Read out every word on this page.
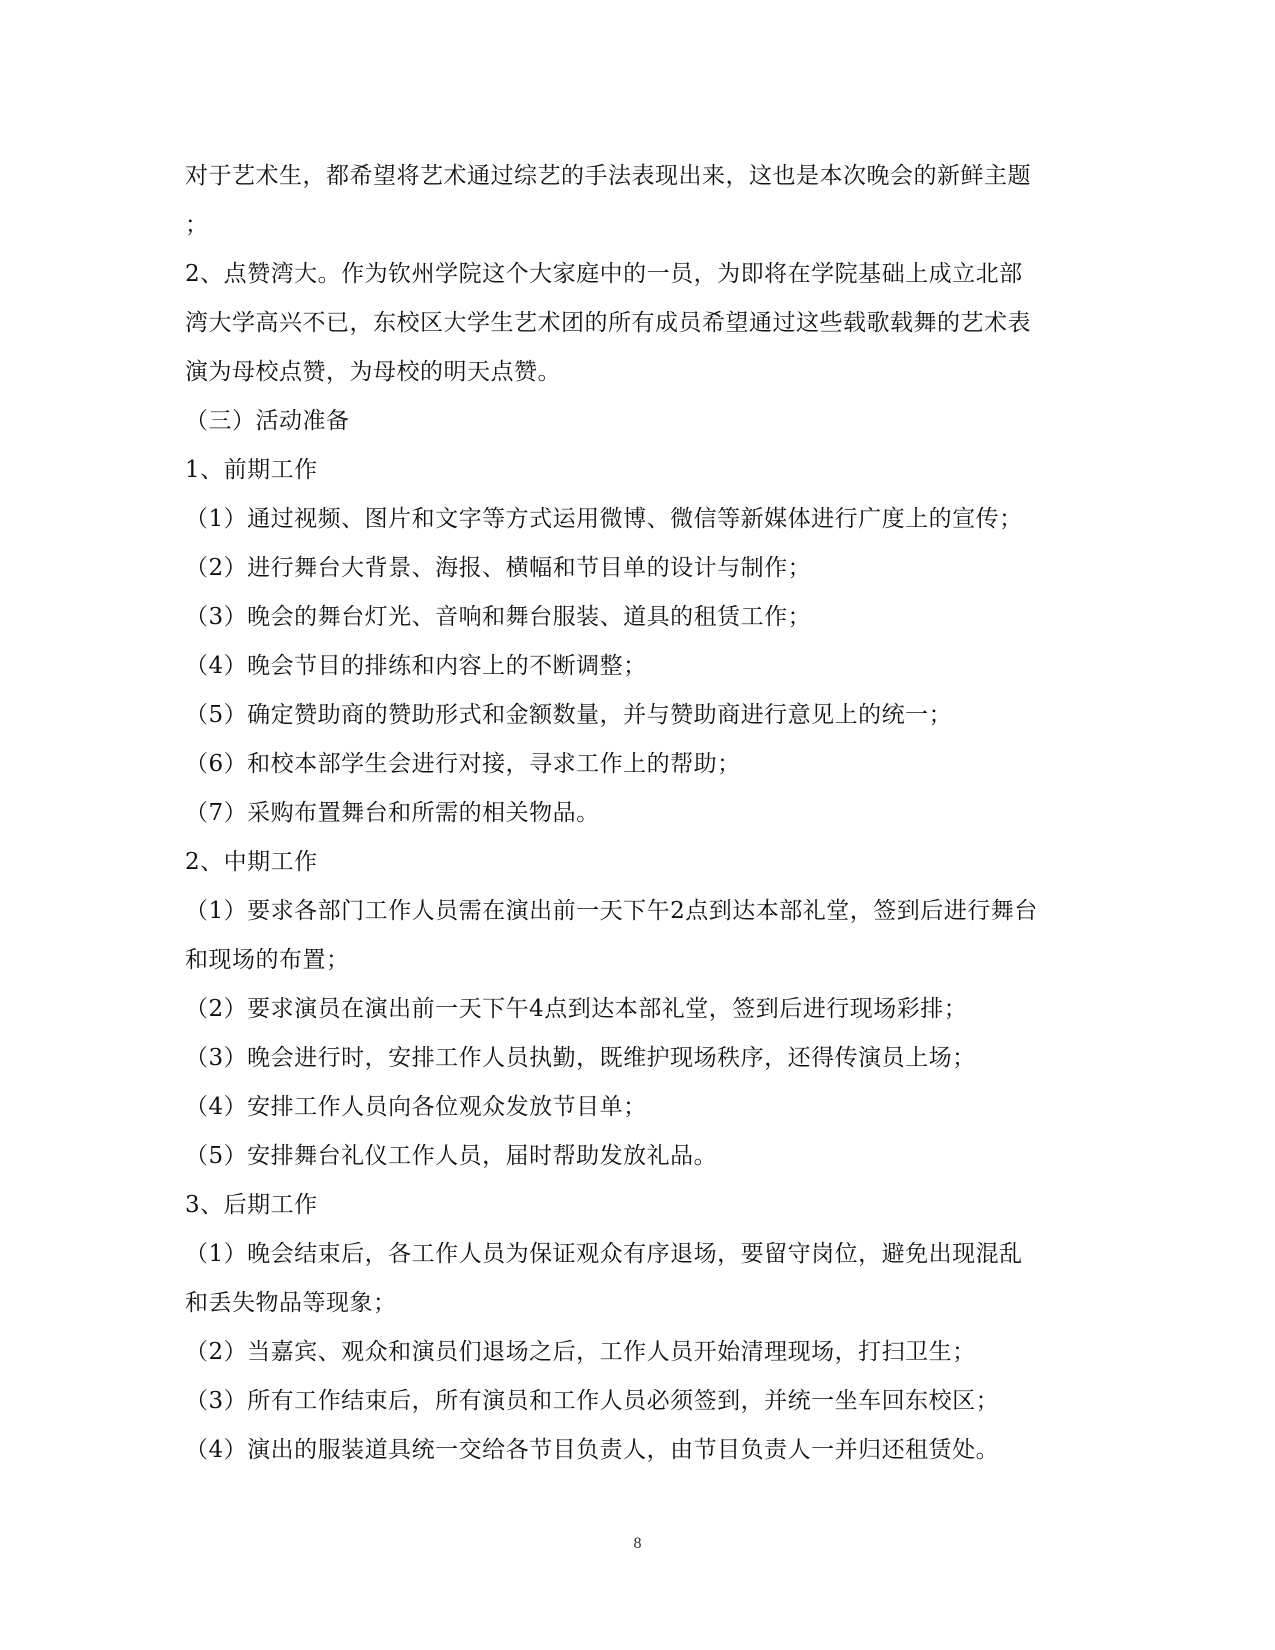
对于艺术生，都希望将艺术通过综艺的手法表现出来，这也是本次晚会的新鲜主题
；
2、点赞湾大。作为钦州学院这个大家庭中的一员，为即将在学院基础上成立北部
湾大学高兴不已，东校区大学生艺术团的所有成员希望通过这些载歌载舞的艺术表
演为母校点赞，为母校的明天点赞。
（三）活动准备
1、前期工作
（1）通过视频、图片和文字等方式运用微博、微信等新媒体进行广度上的宣传；
（2）进行舞台大背景、海报、横幅和节目单的设计与制作；
（3）晚会的舞台灯光、音响和舞台服装、道具的租赁工作；
（4）晚会节目的排练和内容上的不断调整；
（5）确定赞助商的赞助形式和金额数量，并与赞助商进行意见上的统一；
（6）和校本部学生会进行对接，寻求工作上的帮助；
（7）采购布置舞台和所需的相关物品。
2、中期工作
（1）要求各部门工作人员需在演出前一天下午2点到达本部礼堂，签到后进行舞台
和现场的布置；
（2）要求演员在演出前一天下午4点到达本部礼堂，签到后进行现场彩排；
（3）晚会进行时，安排工作人员执勤，既维护现场秩序，还得传演员上场；
（4）安排工作人员向各位观众发放节目单；
（5）安排舞台礼仪工作人员，届时帮助发放礼品。
3、后期工作
（1）晚会结束后，各工作人员为保证观众有序退场，要留守岗位，避免出现混乱
和丢失物品等现象；
（2）当嘉宾、观众和演员们退场之后，工作人员开始清理现场，打扫卫生；
（3）所有工作结束后，所有演员和工作人员必须签到，并统一坐车回东校区；
（4）演出的服装道具统一交给各节目负责人，由节目负责人一并归还租赁处。
8
